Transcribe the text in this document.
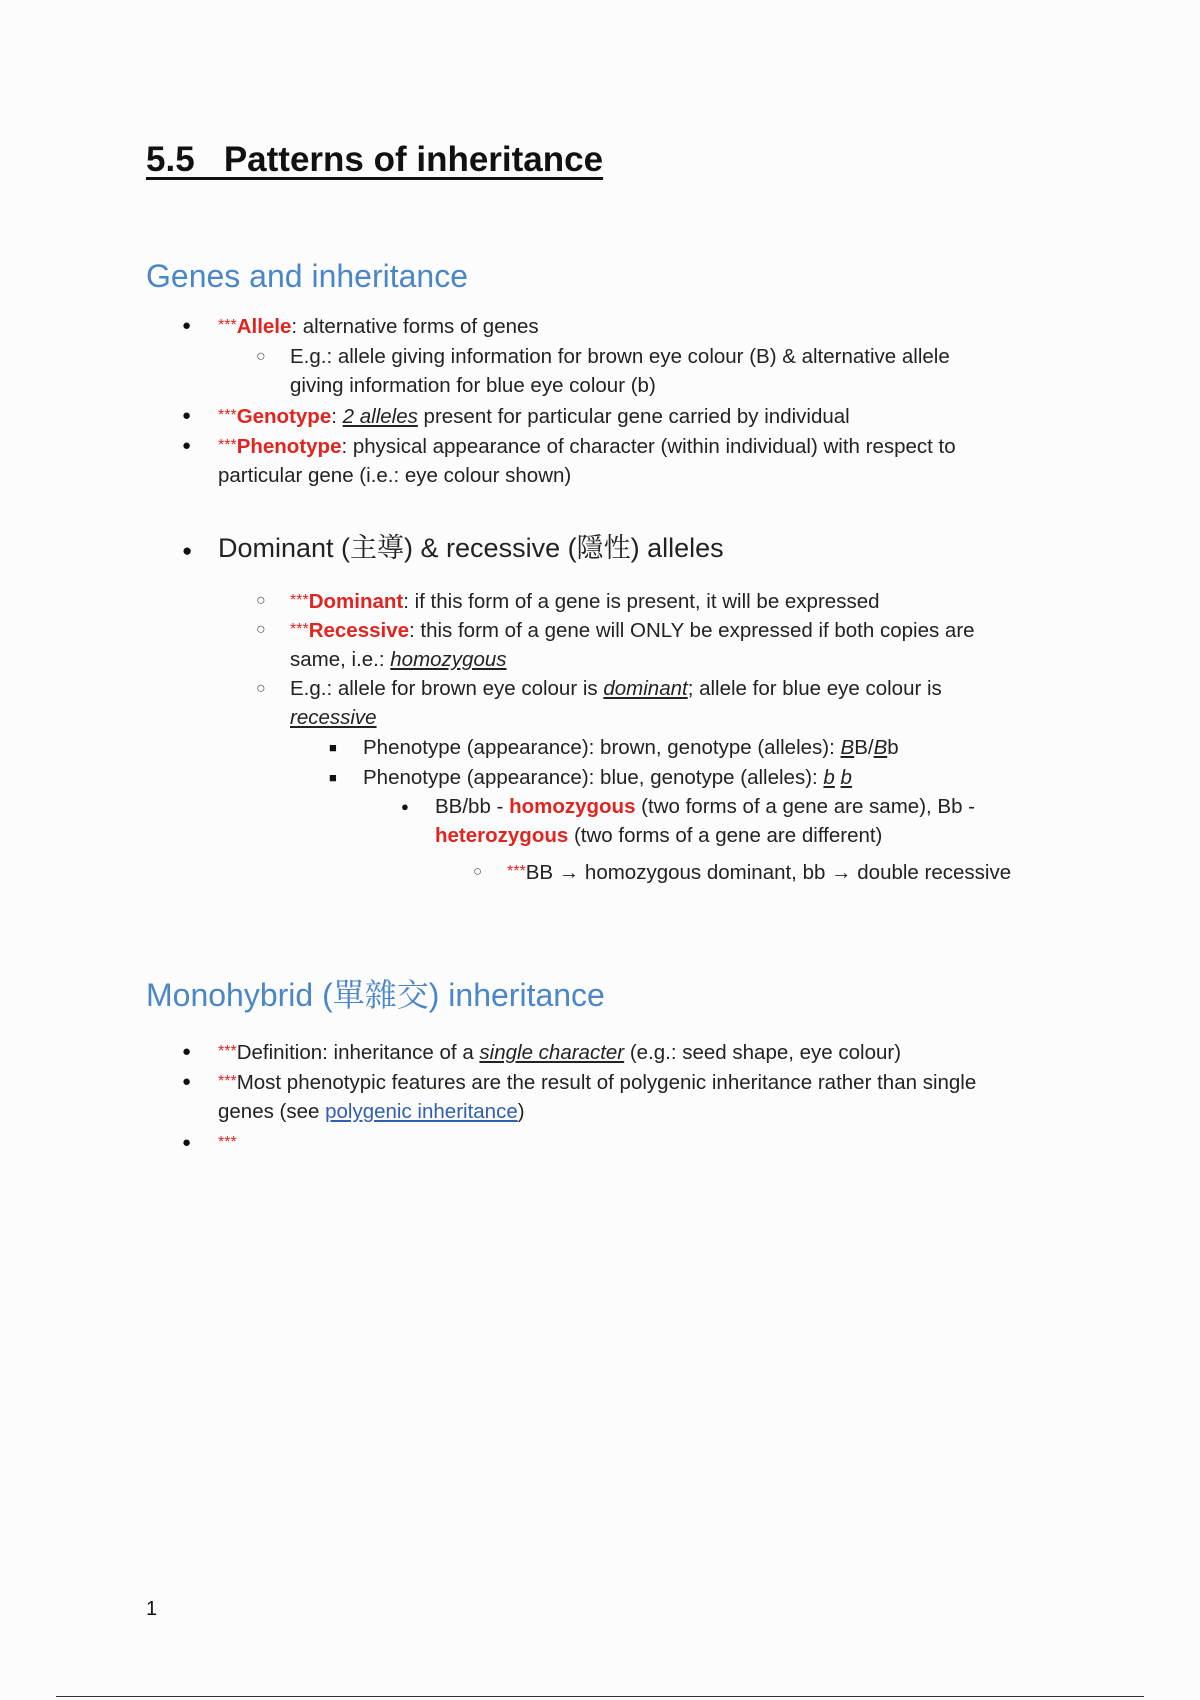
5.5   Patterns of inheritance
Genes and inheritance
● ***Allele: alternative forms of genes
○ E.g.: allele giving information for brown eye colour (B) & alternative allele
giving information for blue eye colour (b)
● ***Genotype: 2 alleles present for particular gene carried by individual
● ***Phenotype: physical appearance of character (within individual) with respect to
particular gene (i.e.: eye colour shown)
● Dominant (主導) & recessive (隱性) alleles
○ ***Dominant: if this form of a gene is present, it will be expressed
○ ***Recessive: this form of a gene will ONLY be expressed if both copies are
same, i.e.: homozygous
○ E.g.: allele for brown eye colour is dominant; allele for blue eye colour is
recessive
■ Phenotype (appearance): brown, genotype (alleles): BB/Bb
■ Phenotype (appearance): blue, genotype (alleles): b b
● BB/bb - homozygous (two forms of a gene are same), Bb -
heterozygous (two forms of a gene are different)
○ ***BB → homozygous dominant, bb → double recessive
Monohybrid (單雜交) inheritance
● ***Definition: inheritance of a single character (e.g.: seed shape, eye colour)
● ***Most phenotypic features are the result of polygenic inheritance rather than single
genes (see polygenic inheritance)
● ***
1
